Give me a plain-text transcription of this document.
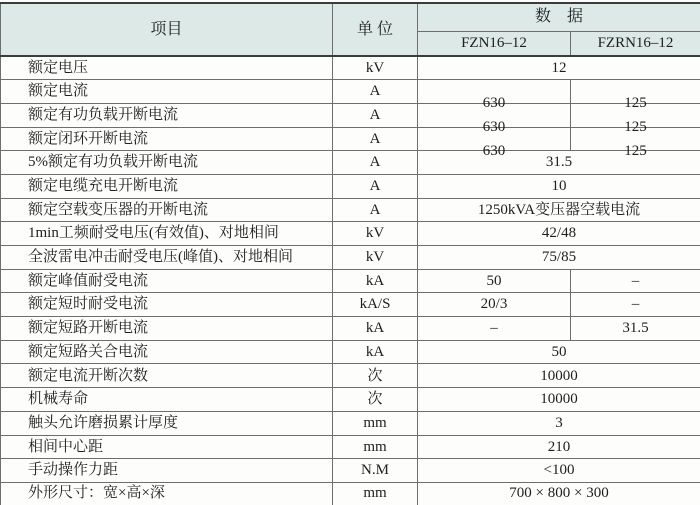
项目	单 位	数　据	
		FZN16–12	FZRN16–12
额定电压	kV	12	
额定电流	A	630	125
额定有功负载开断电流	A	630	125
额定闭环开断电流	A	630	125
5%额定有功负载开断电流	A	31.5	
额定电缆充电开断电流	A	10	
额定空载变压器的开断电流	A	1250kVA变压器空载电流	
1min工频耐受电压(有效值)、对地相间	kV	42/48	
全波雷电冲击耐受电压(峰值)、对地相间	kV	75/85	
额定峰值耐受电流	kA	50	–
额定短时耐受电流	kA/S	20/3	–
额定短路开断电流	kA	–	31.5
额定短路关合电流	kA	50	
额定电流开断次数	次	10000	
机械寿命	次	10000	
触头允许磨损累计厚度	mm	3	
相间中心距	mm	210	
手动操作力距	N.M	<100	
外形尺寸：宽×高×深	mm	700 × 800 × 300	
